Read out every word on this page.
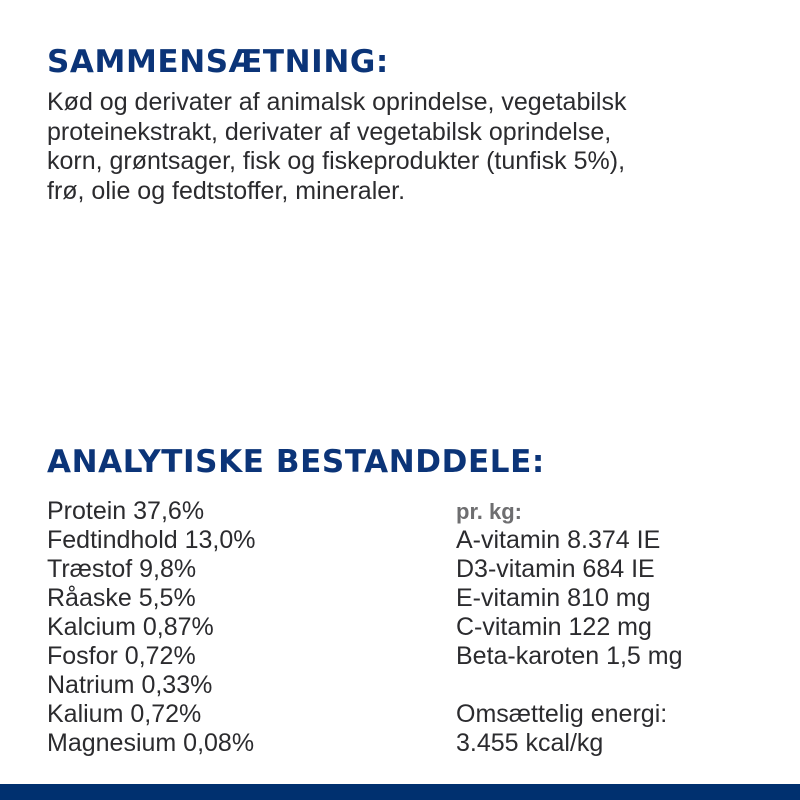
SAMMENSÆTNING:

Kød og derivater af animalsk oprindelse, vegetabilsk
proteinekstrakt, derivater af vegetabilsk oprindelse,
korn, grøntsager, fisk og fiskeprodukter (tunfisk 5%),
frø, olie og fedtstoffer, mineraler.

ANALYTISKE BESTANDDELE:
Protein 37,6%
Fedtindhold 13,0%
Træstof 9,8%
Råaske 5,5%
Kalcium 0,87%
Fosfor 0,72%
Natrium 0,33%
Kalium 0,72%
Magnesium 0,08%
pr. kg:
A-vitamin 8.374 IE
D3-vitamin 684 IE
E-vitamin 810 mg
C-vitamin 122 mg
Beta-karoten 1,5 mg
Omsættelig energi:
3.455 kcal/kg
